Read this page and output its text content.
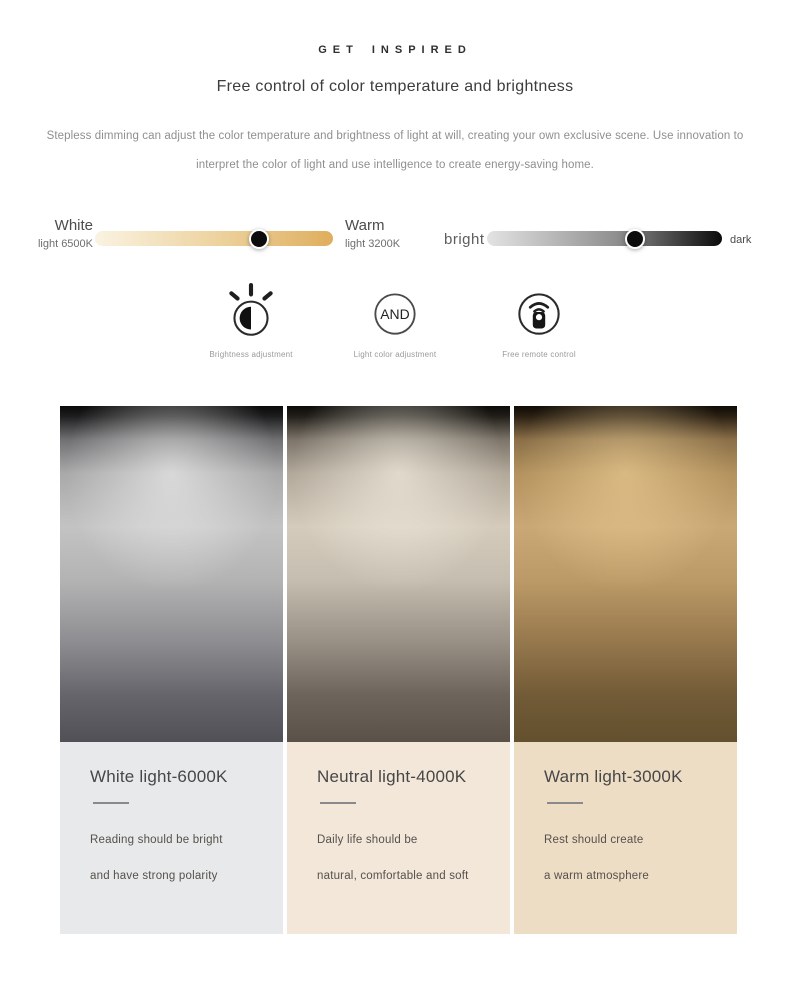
GET INSPIRED
Free control of color temperature and brightness

Stepless dimming can adjust the color temperature and brightness of light at will, creating your own exclusive scene. Use innovation to

interpret the color of light and use intelligence to create energy-saving home.

White
light 6500K
Warm
light 3200K	bright	dark
Brightness adjustment
AND
Light color adjustment	Free remote control
White light-6000K
Reading should be bright
and have strong polarity
Neutral light-4000K
Daily life should be
natural, comfortable and soft
Warm light-3000K
Rest should create
a warm atmosphere
